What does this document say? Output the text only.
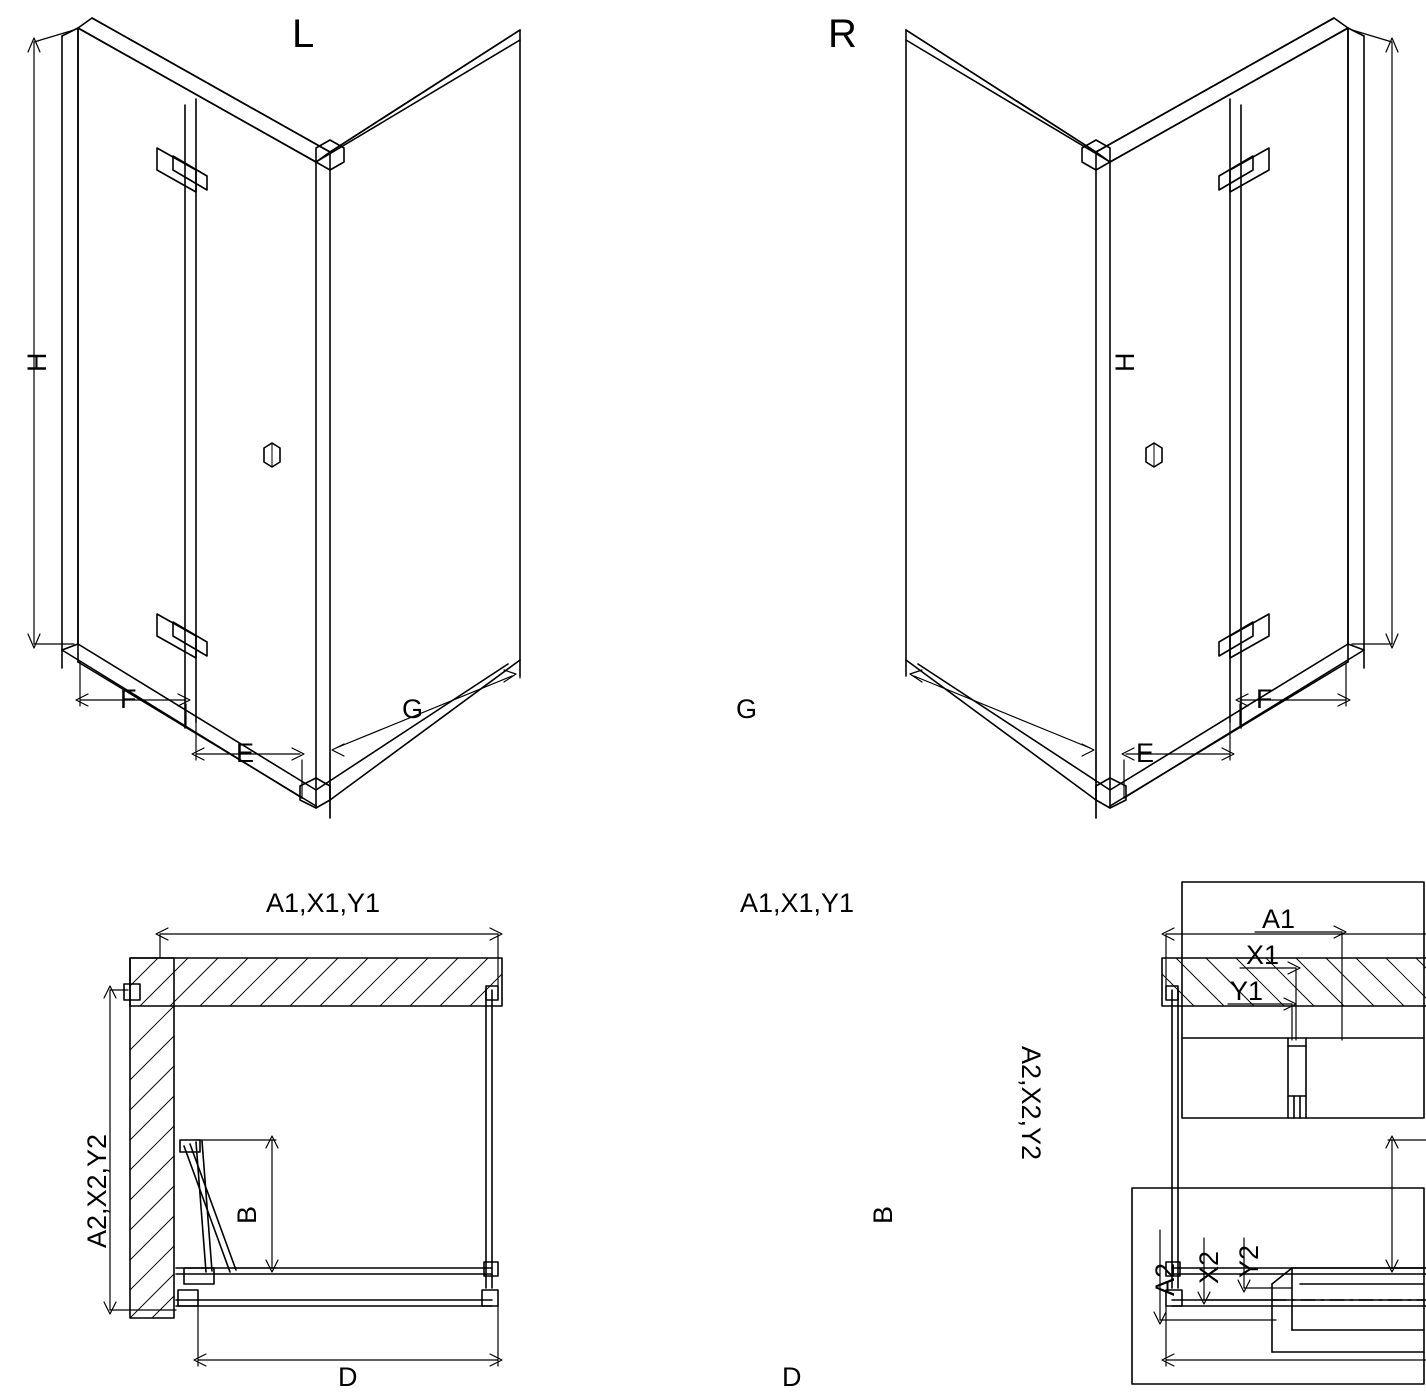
L	R
H
F
E
G
H
F
E
G
A1,X1,Y1
A2,X2,Y2	B
D
A1,X1,Y1
A2,X2,Y2
B
D
A1
X1
Y1
A2 X2 Y2
